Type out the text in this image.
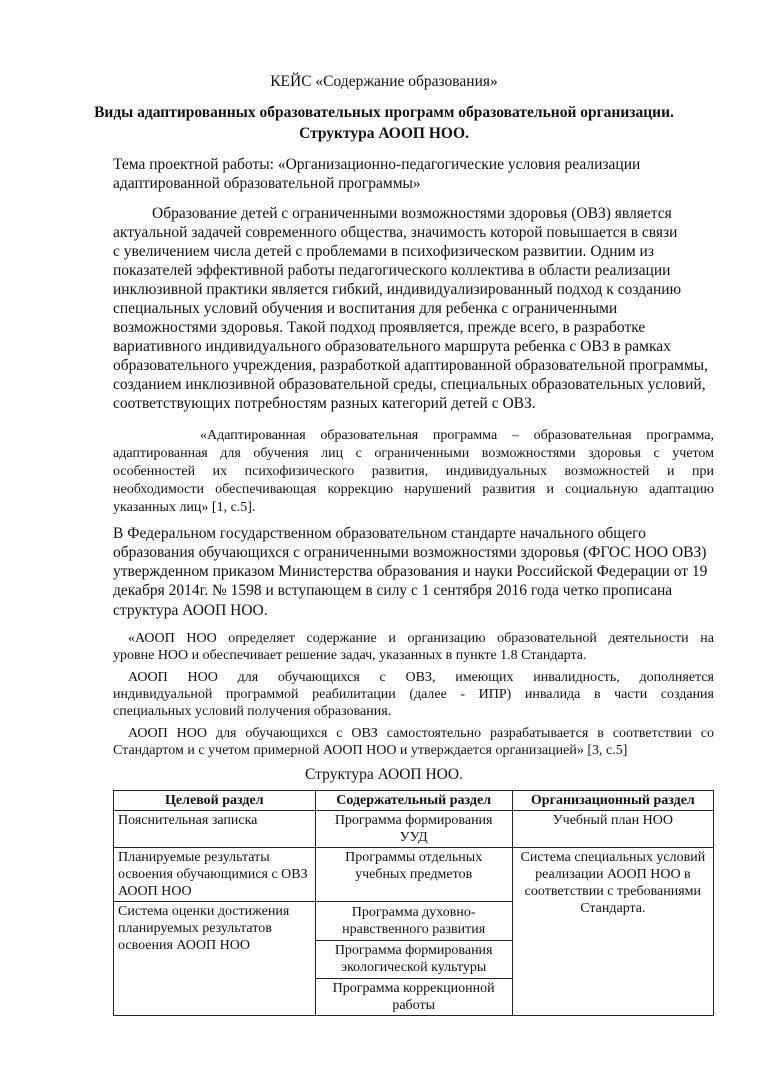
КЕЙС «Содержание образования»
Виды адаптированных образовательных программ образовательной организации.
Структура АООП НОО.
Тема проектной работы: «Организационно-педагогические условия реализации
адаптированной образовательной программы»
Образование детей с ограниченными возможностями здоровья (ОВЗ) является
актуальной задачей современного общества, значимость которой повышается в связи
с увеличением числа детей с проблемами в психофизическом развитии. Одним из
показателей эффективной работы педагогического коллектива в области реализации
инклюзивной практики является гибкий, индивидуализированный подход к созданию
специальных условий обучения и воспитания для ребенка с ограниченными
возможностями здоровья. Такой подход проявляется, прежде всего, в разработке
вариативного индивидуального образовательного маршрута ребенка с ОВЗ в рамках
образовательного учреждения, разработкой адаптированной образовательной программы,
созданием инклюзивной образовательной среды, специальных образовательных условий,
соответствующих потребностям разных категорий детей с ОВЗ.
«Адаптированная образовательная программа – образовательная программа,
адаптированная для обучения лиц с ограниченными возможностями здоровья с учетом
особенностей их психофизического развития, индивидуальных возможностей и при
необходимости обеспечивающая коррекцию нарушений развития и социальную адаптацию
указанных лиц» [1, с.5].
В Федеральном государственном образовательном стандарте начального общего
образования обучающихся с ограниченными возможностями здоровья (ФГОС НОО ОВЗ)
утвержденном приказом Министерства образования и науки Российской Федерации от 19
декабря 2014г. № 1598 и вступающем в силу с 1 сентября 2016 года четко прописана
структура АООП НОО.
«АООП НОО определяет содержание и организацию образовательной деятельности на
уровне НОО и обеспечивает решение задач, указанных в пункте 1.8 Стандарта.
АООП НОО для обучающихся с ОВЗ, имеющих инвалидность, дополняется
индивидуальной программой реабилитации (далее - ИПР) инвалида в части создания
специальных условий получения образования.
АООП НОО для обучающихся с ОВЗ самостоятельно разрабатывается в соответствии со
Стандартом и с учетом примерной АООП НОО и утверждается организацией» [3, с.5]
Структура АООП НОО.
Целевой раздел	Содержательный раздел	Организационный раздел
Пояснительная записка	Программа формирования УУД	Учебный план НОО
Планируемые результаты освоения обучающимися с ОВЗ АООП НОО	Программы отдельных учебных предметов	Система специальных условий реализации АООП НОО в соответствии с требованиями Стандарта.
Система оценки достижения планируемых результатов освоения АООП НОО	Программа духовно-нравственного развития
Программа формирования экологической культуры
Программа коррекционной работы	
